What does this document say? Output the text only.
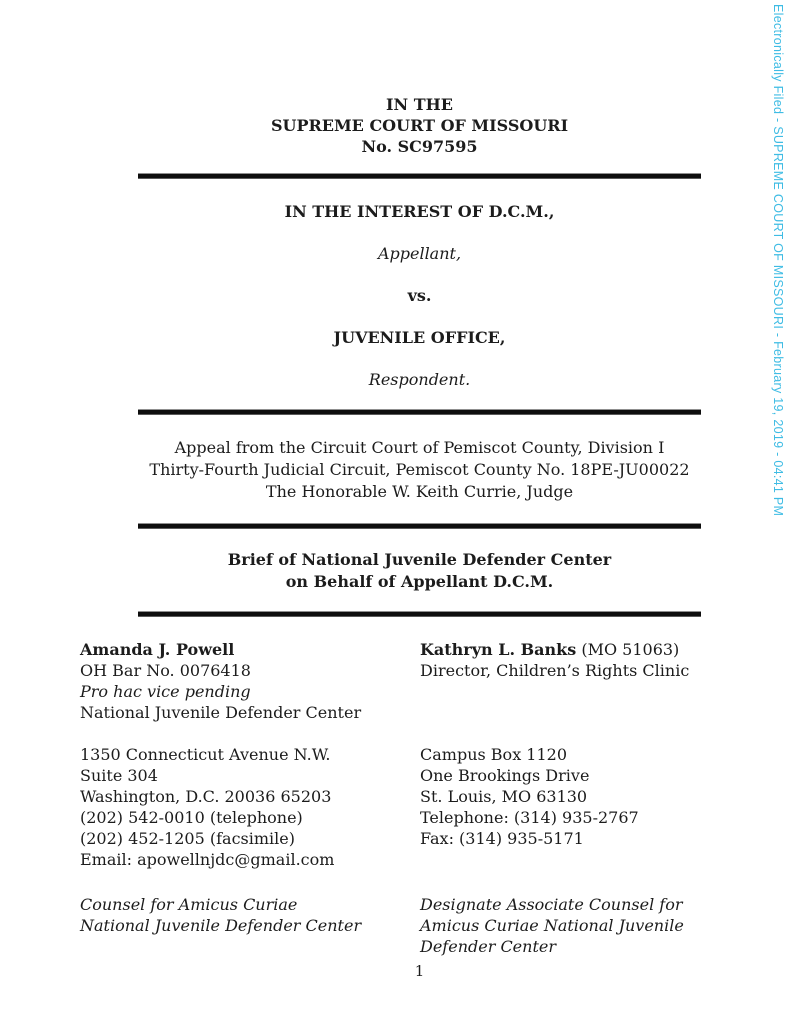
Electronically Filed - SUPREME COURT OF MISSOURI - February 19, 2019 - 04:41 PM
IN THE
SUPREME COURT OF MISSOURI
No. SC97595
IN THE INTEREST OF D.C.M.,
Appellant,
vs.
JUVENILE OFFICE,
Respondent.
Appeal from the Circuit Court of Pemiscot County, Division I
Thirty-Fourth Judicial Circuit, Pemiscot County No. 18PE-JU00022
The Honorable W. Keith Currie, Judge
Brief of National Juvenile Defender Center
on Behalf of Appellant D.C.M.
Amanda J. Powell
OH Bar No. 0076418
Pro hac vice pending
National Juvenile Defender Center
1350 Connecticut Avenue N.W.
Suite 304
Washington, D.C. 20036 65203
(202) 542-0010 (telephone)
(202) 452-1205 (facsimile)
Email: apowellnjdc@gmail.com
Counsel for Amicus Curiae
National Juvenile Defender Center
Kathryn L. Banks (MO 51063)
Director, Children’s Rights Clinic
Campus Box 1120
One Brookings Drive
St. Louis, MO 63130
Telephone: (314) 935-2767
Fax: (314) 935-5171
Designate Associate Counsel for
Amicus Curiae National Juvenile
Defender Center
1
